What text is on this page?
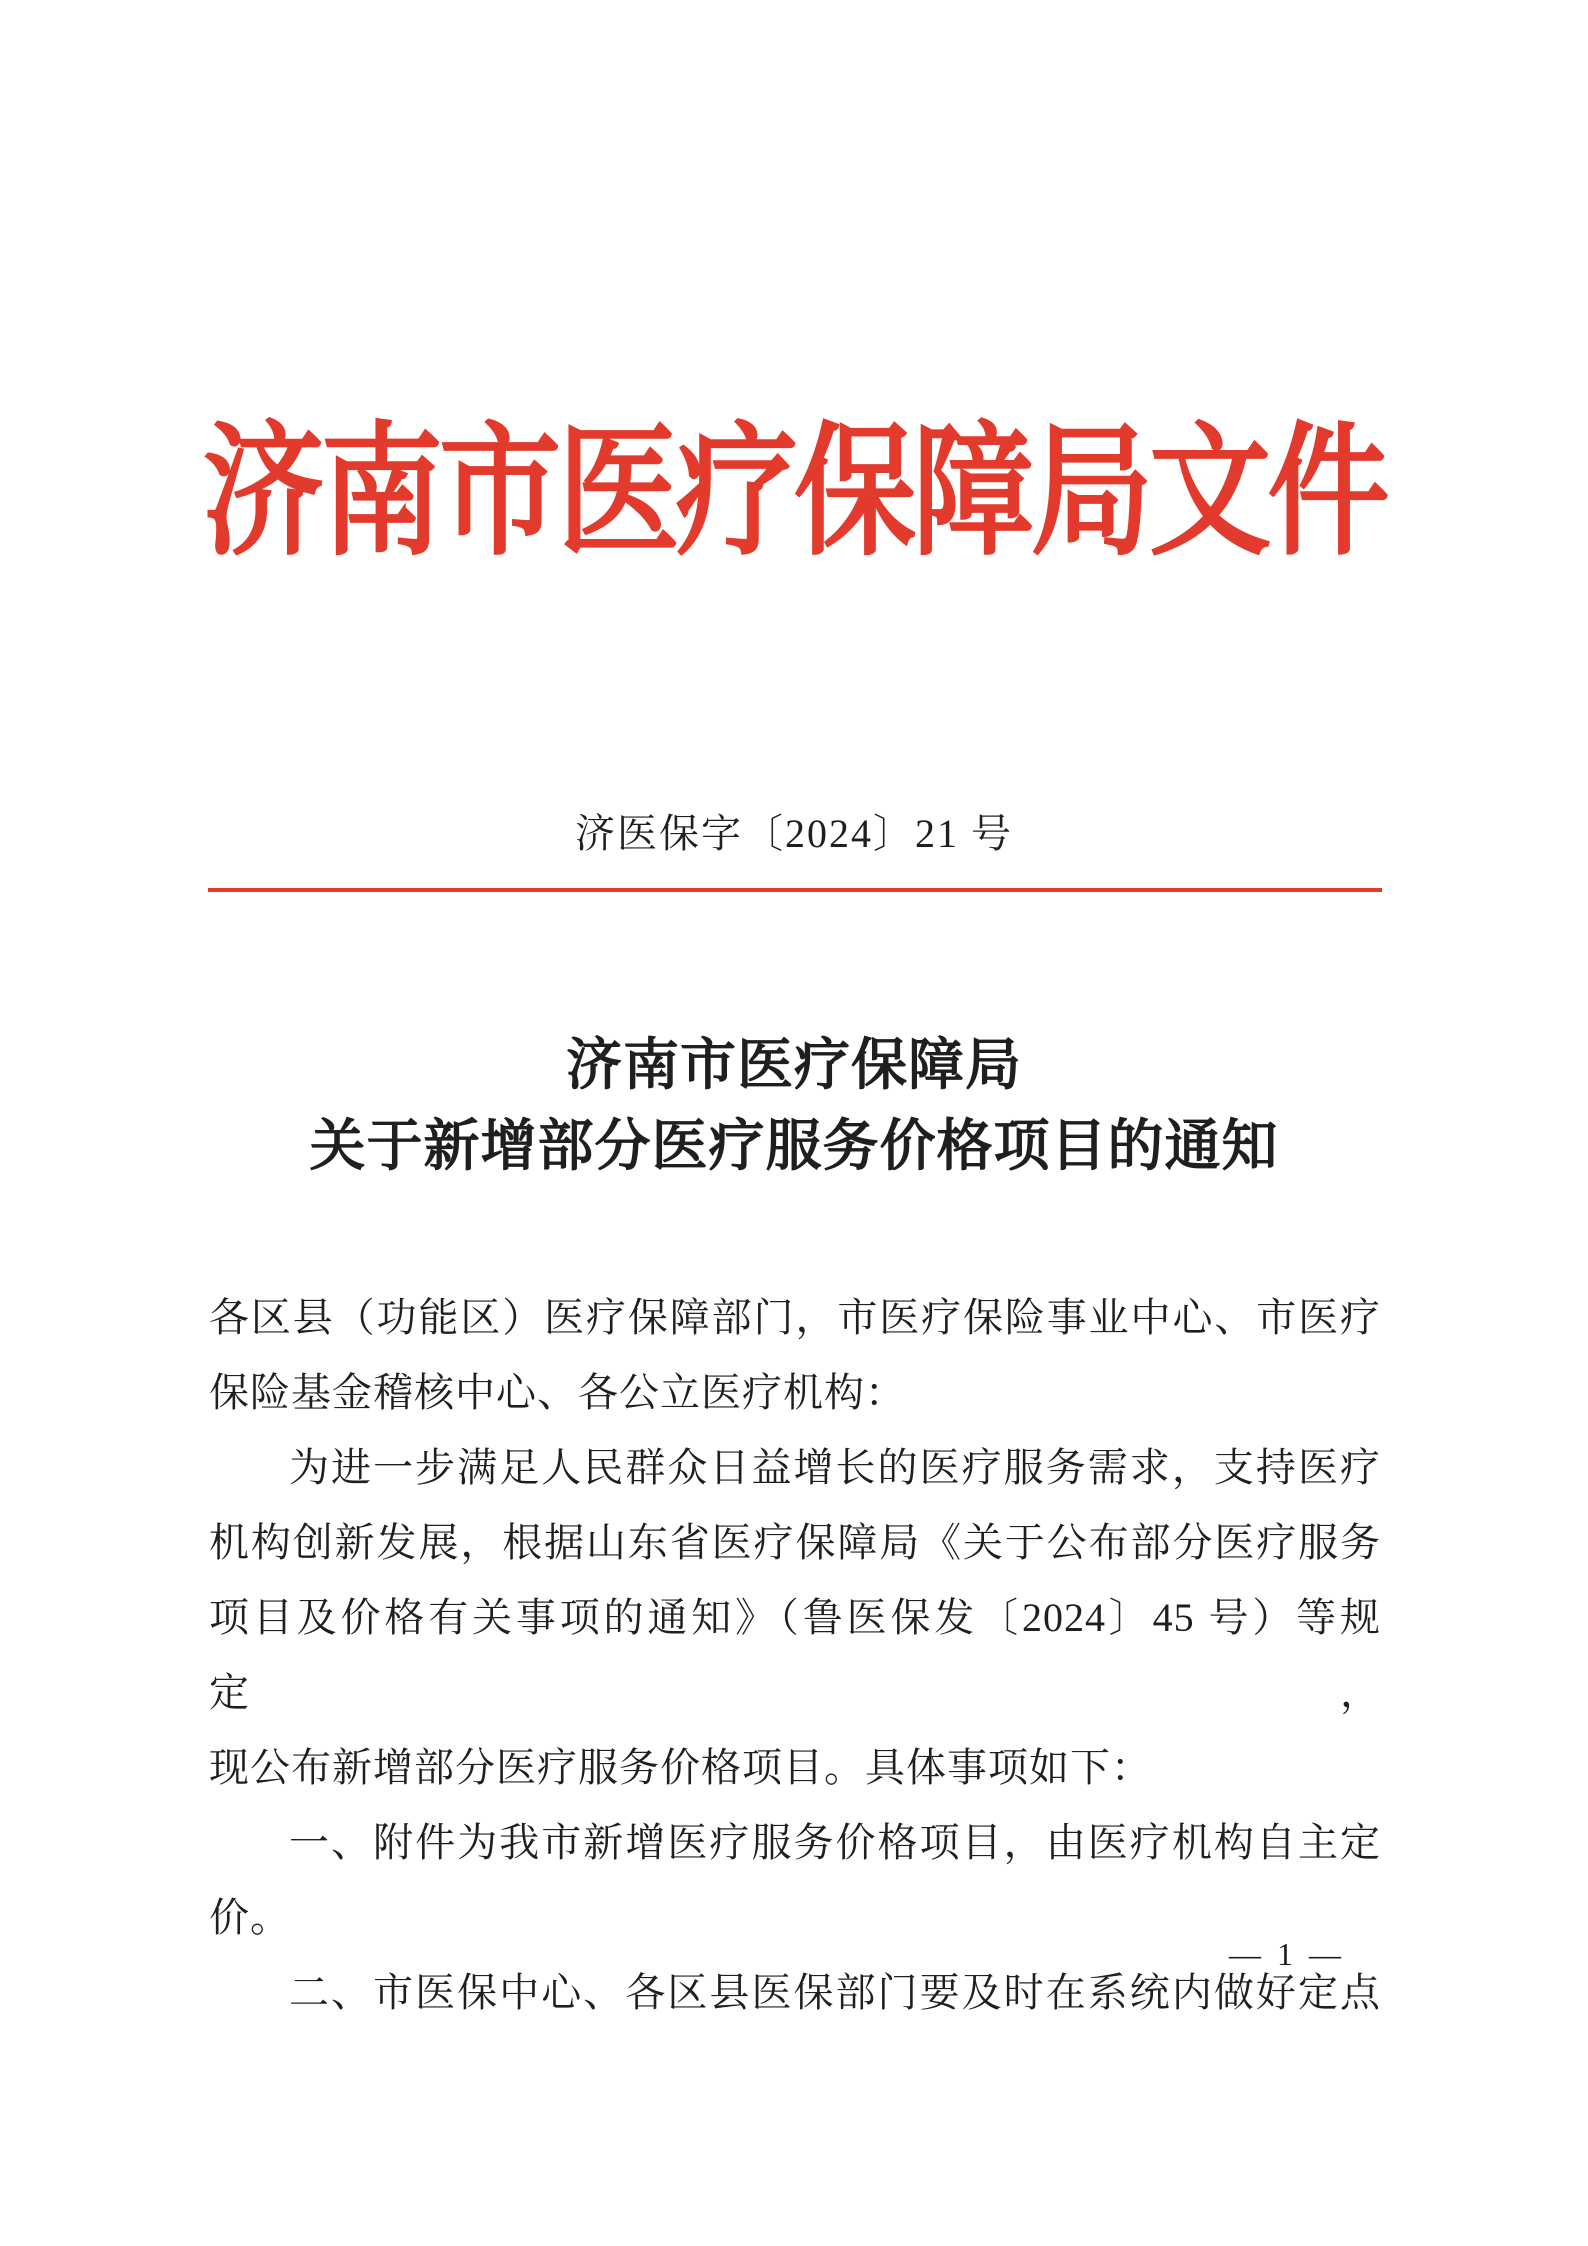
济南市医疗保障局文件
济医保字〔2024〕21 号
济南市医疗保障局
关于新增部分医疗服务价格项目的通知
各区县（功能区）医疗保障部门，市医疗保险事业中心、市医疗
保险基金稽核中心、各公立医疗机构：
为进一步满足人民群众日益增长的医疗服务需求，支持医疗
机构创新发展，根据山东省医疗保障局《关于公布部分医疗服务
项目及价格有关事项的通知》（鲁医保发〔2024〕45 号）等规定，
现公布新增部分医疗服务价格项目。具体事项如下：
一、附件为我市新增医疗服务价格项目，由医疗机构自主定
价。
二、市医保中心、各区县医保部门要及时在系统内做好定点
— 1 —
